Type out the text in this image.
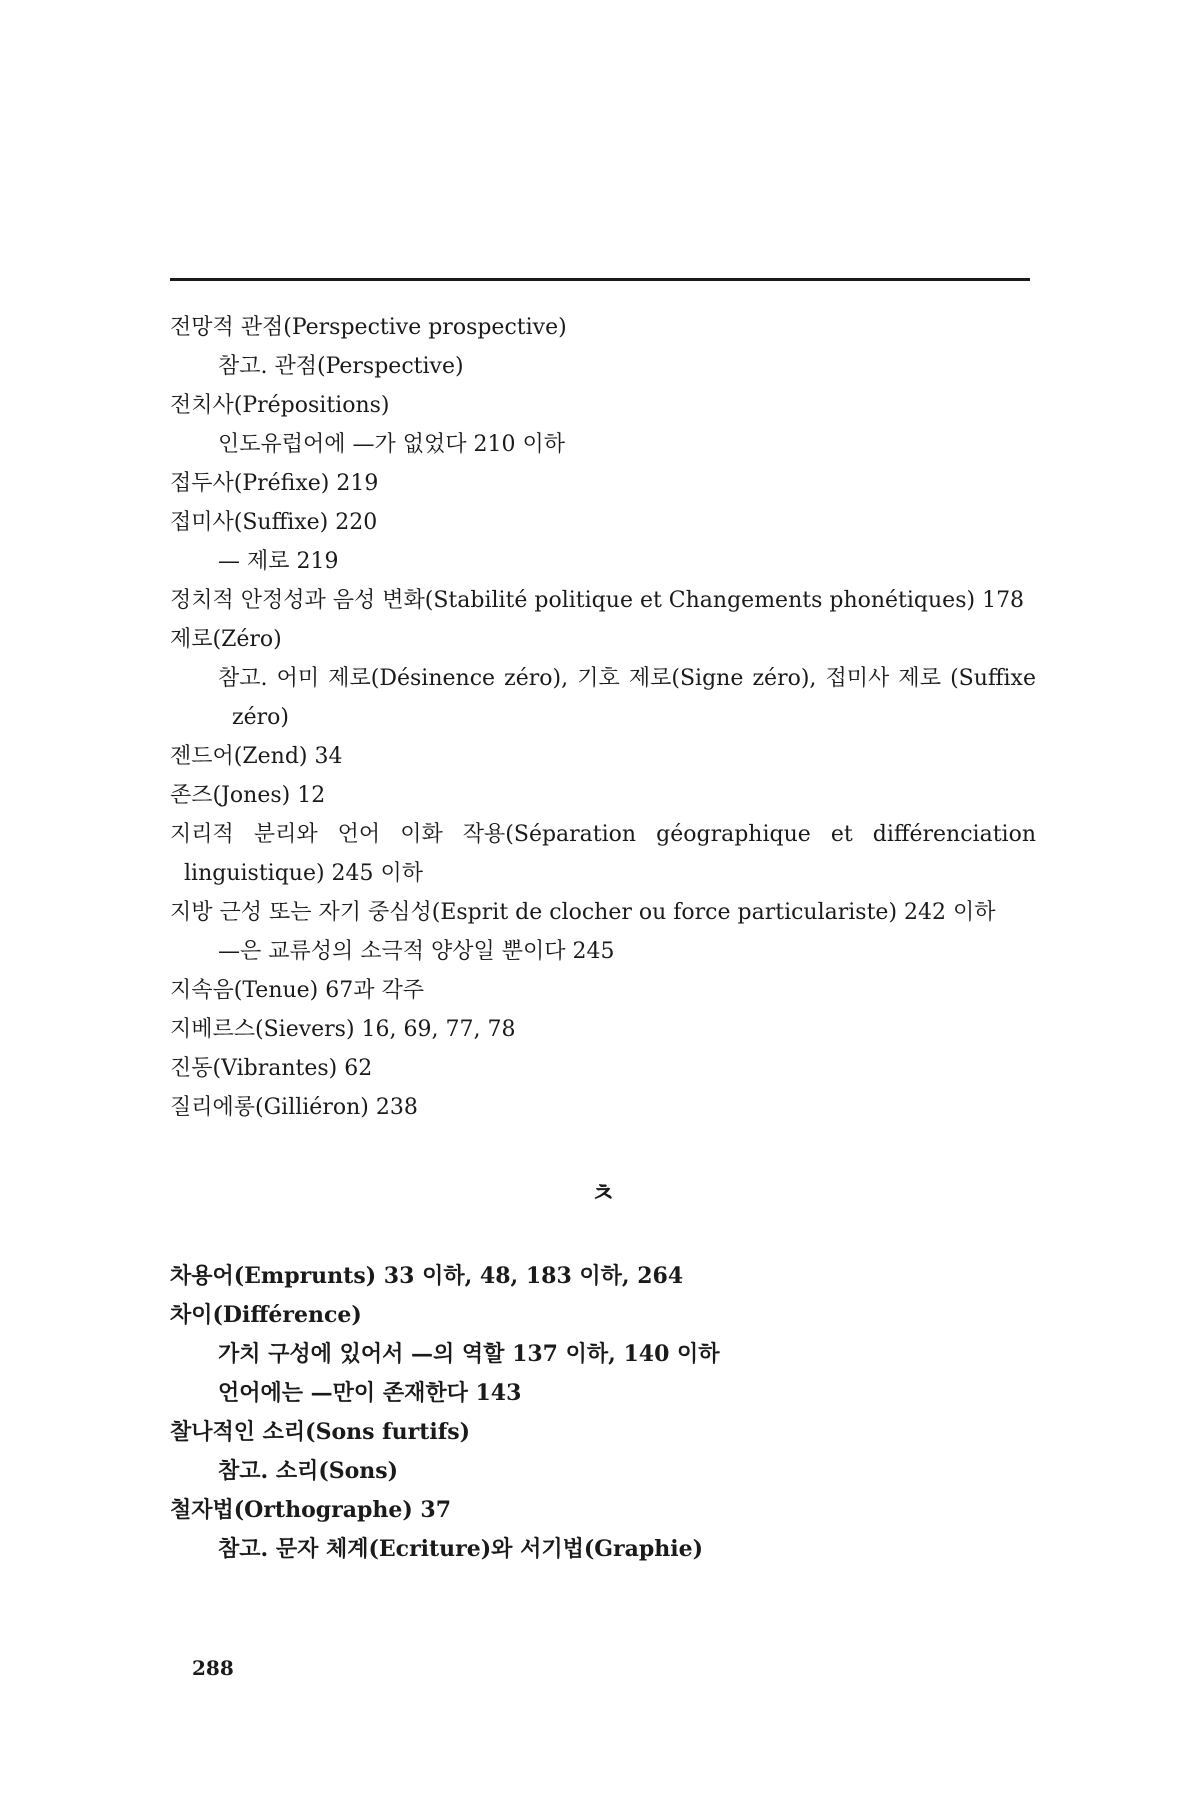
전망적 관점(Perspective prospective)
참고. 관점(Perspective)
전치사(Prépositions)
인도유럽어에 —가 없었다 210 이하
접두사(Préfixe) 219
접미사(Suffixe) 220
— 제로 219
정치적 안정성과 음성 변화(Stabilité politique et Changements phonétiques) 178
제로(Zéro)
참고. 어미 제로(Désinence zéro), 기호 제로(Signe zéro), 접미사 제로 (Suffixe zéro)
젠드어(Zend) 34
존즈(Jones) 12
지리적 분리와 언어 이화 작용(Séparation géographique et différenciation linguistique) 245 이하
지방 근성 또는 자기 중심성(Esprit de clocher ou force particulariste) 242 이하
—은 교류성의 소극적 양상일 뿐이다 245
지속음(Tenue) 67과 각주
지베르스(Sievers) 16, 69, 77, 78
진동(Vibrantes) 62
질리에롱(Gilliéron) 238
ㅊ
차용어(Emprunts) 33 이하, 48, 183 이하, 264
차이(Différence)
가치 구성에 있어서 —의 역할 137 이하, 140 이하
언어에는 —만이 존재한다 143
찰나적인 소리(Sons furtifs)
참고. 소리(Sons)
철자법(Orthographe) 37
참고. 문자 체계(Ecriture)와 서기법(Graphie)
288
